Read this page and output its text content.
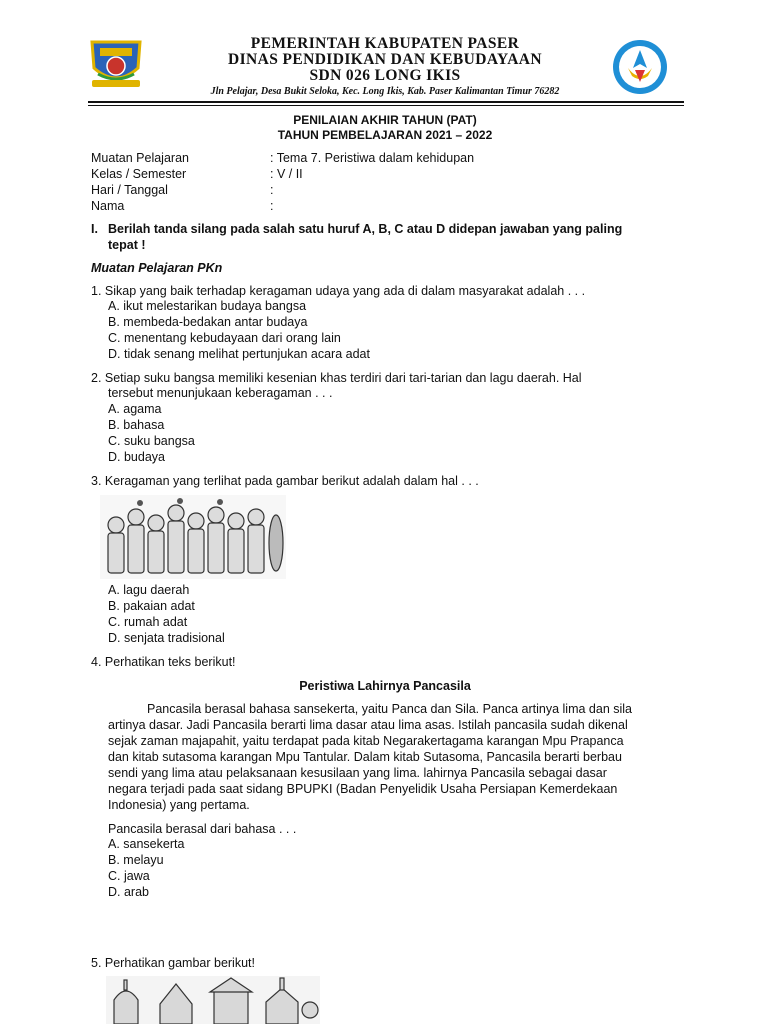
PEMERINTAH KABUPATEN PASER
DINAS PENDIDIKAN DAN KEBUDAYAAN
SDN 026 LONG IKIS
Jln Pelajar, Desa Bukit Seloka, Kec. Long Ikis, Kab. Paser Kalimantan Timur 76282
PENILAIAN AKHIR TAHUN (PAT)
TAHUN PEMBELAJARAN 2021 – 2022
Muatan Pelajaran	: Tema 7. Peristiwa dalam kehidupan
Kelas / Semester	: V / II
Hari / Tanggal	:
Nama	:
I. Berilah tanda silang pada salah satu huruf A, B, C atau D didepan jawaban yang paling
tepat !
Muatan Pelajaran PKn
1. Sikap yang baik terhadap keragaman udaya yang ada di dalam masyarakat adalah . . .
A. ikut melestarikan budaya bangsa
B. membeda-bedakan antar budaya
C. menentang kebudayaan dari orang lain
D. tidak senang melihat pertunjukan acara adat
2. Setiap suku bangsa memiliki kesenian khas terdiri dari tari-tarian dan lagu daerah. Hal
tersebut menunjukaan keberagaman . . .
A. agama
B. bahasa
C. suku bangsa
D. budaya
3. Keragaman yang terlihat pada gambar berikut adalah dalam hal . . .
A. lagu daerah
B. pakaian adat
C. rumah adat
D. senjata tradisional
4. Perhatikan teks berikut!
Peristiwa Lahirnya Pancasila
Pancasila berasal bahasa sansekerta, yaitu Panca dan Sila. Panca artinya lima dan sila
artinya dasar. Jadi Pancasila berarti lima dasar atau lima asas. Istilah pancasila sudah dikenal
sejak zaman majapahit, yaitu terdapat pada kitab Negarakertagama karangan Mpu Prapanca
dan kitab sutasoma karangan Mpu Tantular. Dalam kitab Sutasoma, Pancasila berarti berbau
sendi yang lima atau pelaksanaan kesusilaan yang lima. lahirnya Pancasila sebagai dasar
negara terjadi pada saat sidang BPUPKI (Badan Penyelidik Usaha Persiapan Kemerdekaan
Indonesia) yang pertama.
Pancasila berasal dari bahasa . . .
A. sansekerta
B. melayu
C. jawa
D. arab
5. Perhatikan gambar berikut!
